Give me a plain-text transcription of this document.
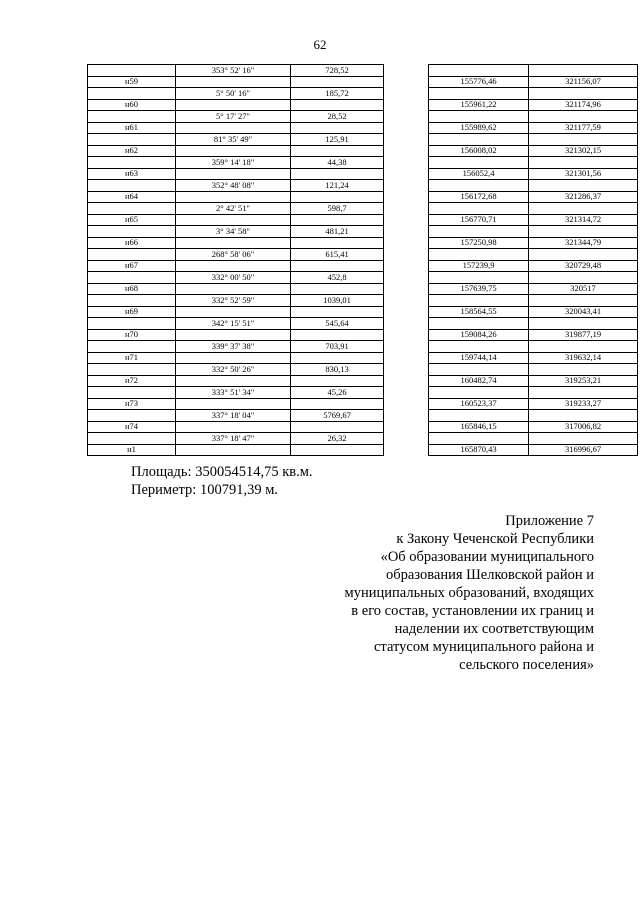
62
	353° 52' 16"	728,52			
н59				155776,46	321156,07
	5° 50' 16"	185,72			
н60				155961,22	321174,96
	5° 17' 27"	28,52			
н61				155989,62	321177,59
	81° 35' 49"	125,91			
н62				156008,02	321302,15
	359° 14' 18"	44,38			
н63				156052,4	321301,56
	352° 48' 08"	121,24			
н64				156172,68	321286,37
	2° 42' 51"	598,7			
н65				156770,71	321314,72
	3° 34' 58"	481,21			
н66				157250,98	321344,79
	268° 58' 06"	615,41			
н67				157239,9	320729,48
	332° 00' 50"	452,8			
н68				157639,75	320517
	332° 52' 59"	1039,01			
н69				158564,55	320043,41
	342° 15' 51"	545,64			
н70				159084,26	319877,19
	339° 37' 38"	703,91			
н71				159744,14	319632,14
	332° 50' 26"	830,13			
н72				160482,74	319253,21
	333° 51' 34"	45,26			
н73				160523,37	319233,27
	337° 18' 04"	5769,67			
н74				165846,15	317006,82
	337° 18' 47"	26,32			
н1				165870,43	316996,67
Площадь: 350054514,75 кв.м.
Периметр: 100791,39 м.
Приложение 7
к Закону Чеченской Республики
«Об образовании муниципального
образования Шелковской район и
муниципальных образований, входящих
в его состав, установлении их границ и
наделении их соответствующим
статусом муниципального района и
сельского поселения»
